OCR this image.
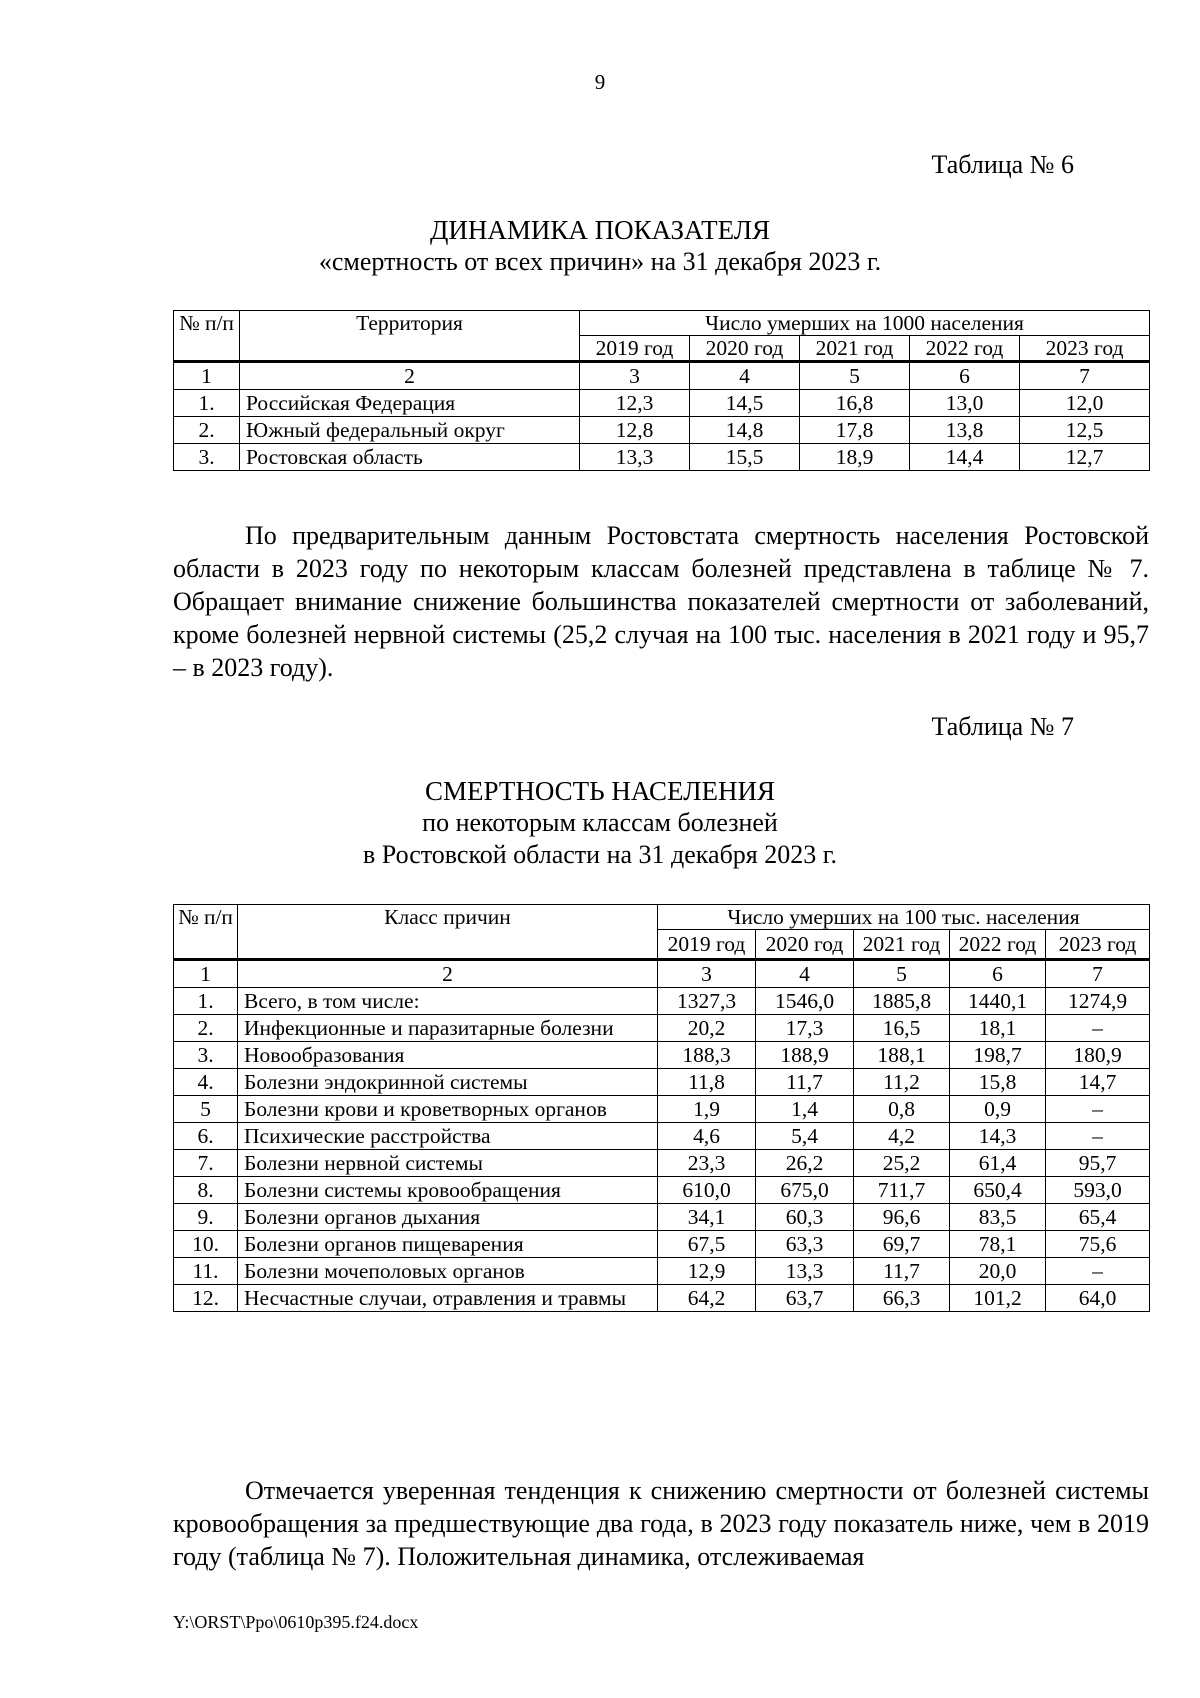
9
Таблица № 6
ДИНАМИКА ПОКАЗАТЕЛЯ
«смертность от всех причин» на 31 декабря 2023 г.
№ п/п	Территория	Число умерших на 1000 населения				
		2019 год	2020 год	2021 год	2022 год	2023 год
1	2	3	4	5	6	7
1.	Российская Федерация	12,3	14,5	16,8	13,0	12,0
2.	Южный федеральный округ	12,8	14,8	17,8	13,8	12,5
3.	Ростовская область	13,3	15,5	18,9	14,4	12,7
По предварительным данным Ростовстата смертность населения Ростовской области в 2023 году по некоторым классам болезней представлена в таблице № 7. Обращает внимание снижение большинства показателей смертности от заболеваний, кроме болезней нервной системы (25,2 случая на 100 тыс. населения в 2021 году и 95,7 – в 2023 году).
Таблица № 7
СМЕРТНОСТЬ НАСЕЛЕНИЯ
по некоторым классам болезней
в Ростовской области на 31 декабря 2023 г.
№ п/п	Класс причин	Число умерших на 100 тыс. населения				
		2019 год	2020 год	2021 год	2022 год	2023 год
1	2	3	4	5	6	7
1.	Всего, в том числе:	1327,3	1546,0	1885,8	1440,1	1274,9
2.	Инфекционные и паразитарные болезни	20,2	17,3	16,5	18,1	–
3.	Новообразования	188,3	188,9	188,1	198,7	180,9
4.	Болезни эндокринной системы	11,8	11,7	11,2	15,8	14,7
5	Болезни крови и кроветворных органов	1,9	1,4	0,8	0,9	–
6.	Психические расстройства	4,6	5,4	4,2	14,3	–
7.	Болезни нервной системы	23,3	26,2	25,2	61,4	95,7
8.	Болезни системы кровообращения	610,0	675,0	711,7	650,4	593,0
9.	Болезни органов дыхания	34,1	60,3	96,6	83,5	65,4
10.	Болезни органов пищеварения	67,5	63,3	69,7	78,1	75,6
11.	Болезни мочеполовых органов	12,9	13,3	11,7	20,0	–
12.	Несчастные случаи, отравления и травмы	64,2	63,7	66,3	101,2	64,0
Отмечается уверенная тенденция к снижению смертности от болезней системы кровообращения за предшествующие два года, в 2023 году показатель ниже, чем в 2019 году (таблица № 7). Положительная динамика, отслеживаемая
Y:\ORST\Ppo\0610p395.f24.docx
